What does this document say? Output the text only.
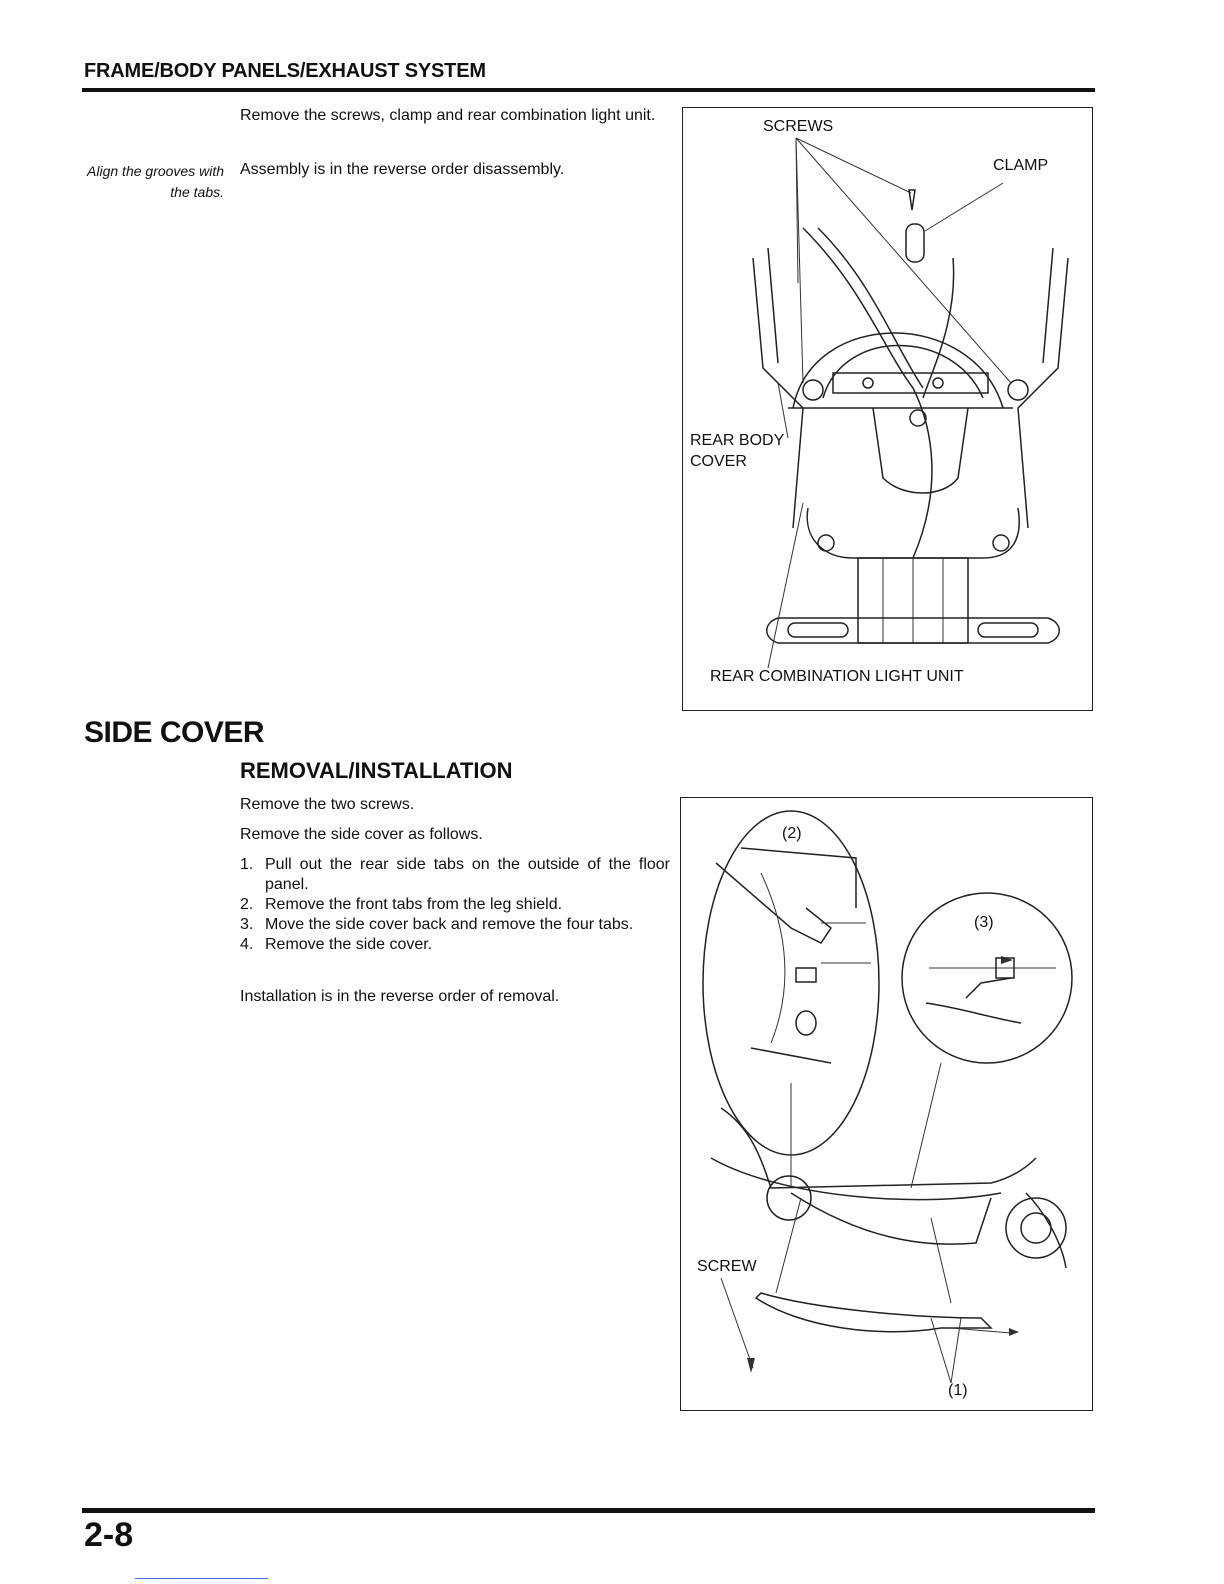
FRAME/BODY PANELS/EXHAUST SYSTEM
Remove the screws, clamp and rear combination light unit.
Align the grooves with the tabs.
Assembly is in the reverse order disassembly.
SCREWS
CLAMP
REAR BODY
COVER
REAR COMBINATION LIGHT UNIT
SIDE COVER
REMOVAL/INSTALLATION
Remove the two screws.
Remove the side cover as follows.
1. Pull out the rear side tabs on the outside of the floor panel.
2. Remove the front tabs from the leg shield.
3. Move the side cover back and remove the four tabs.
4. Remove the side cover.
Installation is in the reverse order of removal.
(2)
(3)
SCREW
(1)
2-8
